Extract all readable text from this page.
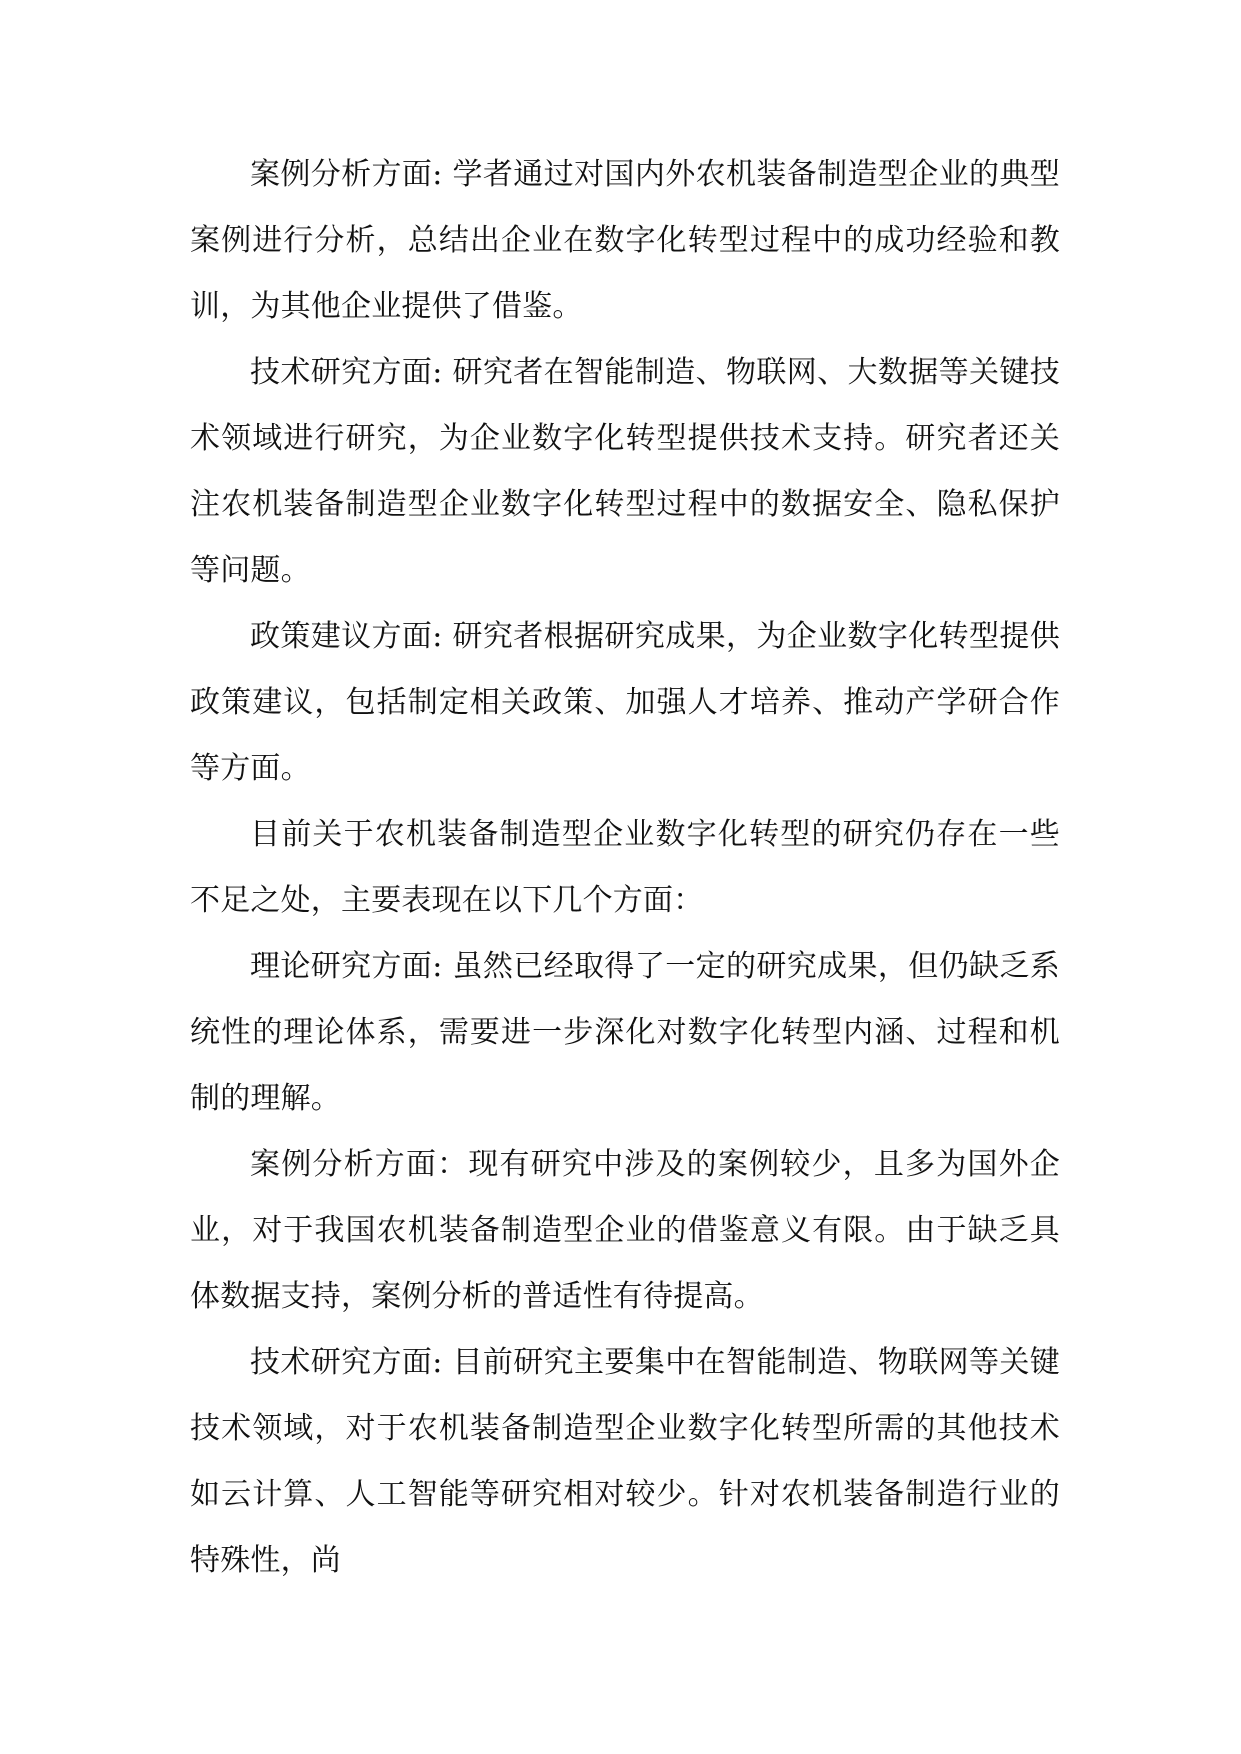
案例分析方面: 学者通过对国内外农机装备制造型企业的典型案例进行分析，总结出企业在数字化转型过程中的成功经验和教训，为其他企业提供了借鉴。

技术研究方面: 研究者在智能制造、物联网、大数据等关键技术领域进行研究，为企业数字化转型提供技术支持。研究者还关注农机装备制造型企业数字化转型过程中的数据安全、隐私保护等问题。

政策建议方面: 研究者根据研究成果，为企业数字化转型提供政策建议，包括制定相关政策、加强人才培养、推动产学研合作等方面。

目前关于农机装备制造型企业数字化转型的研究仍存在一些不足之处，主要表现在以下几个方面：

理论研究方面: 虽然已经取得了一定的研究成果，但仍缺乏系统性的理论体系，需要进一步深化对数字化转型内涵、过程和机制的理解。

案例分析方面：现有研究中涉及的案例较少，且多为国外企业，对于我国农机装备制造型企业的借鉴意义有限。由于缺乏具体数据支持，案例分析的普适性有待提高。

技术研究方面: 目前研究主要集中在智能制造、物联网等关键技术领域，对于农机装备制造型企业数字化转型所需的其他技术如云计算、人工智能等研究相对较少。针对农机装备制造行业的特殊性，尚
